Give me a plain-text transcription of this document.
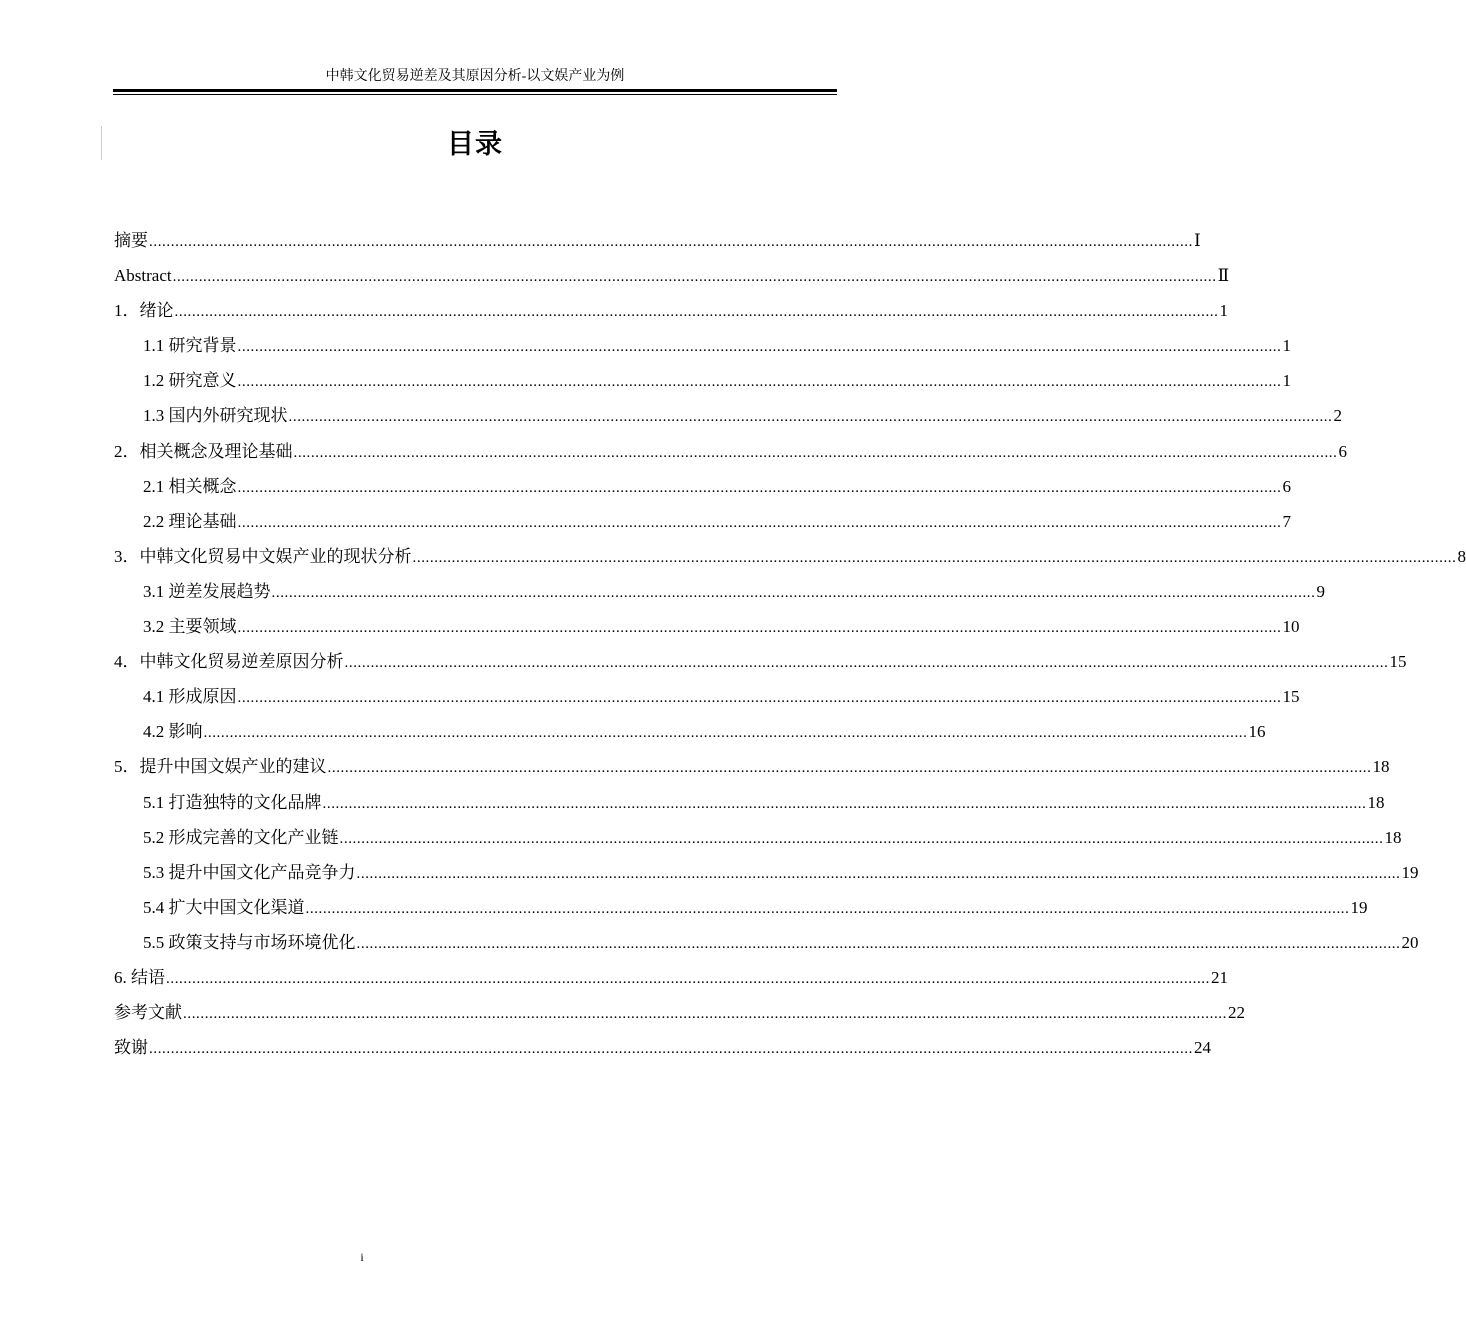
中韩文化贸易逆差及其原因分析-以文娱产业为例
目录
摘要 ................................................................................................................................................................................................................................................ Ⅰ
Abstract ................................................................................................................................................................................................................................................ Ⅱ
1．绪论 ................................................................................................................................................................................................................................................ 1
1.1 研究背景 ................................................................................................................................................................................................................................................ 1
1.2 研究意义 ................................................................................................................................................................................................................................................ 1
1.3 国内外研究现状 ................................................................................................................................................................................................................................................ 2
2．相关概念及理论基础 ................................................................................................................................................................................................................................................ 6
2.1 相关概念 ................................................................................................................................................................................................................................................ 6
2.2 理论基础 ................................................................................................................................................................................................................................................ 7
3．中韩文化贸易中文娱产业的现状分析 ................................................................................................................................................................................................................................................ 8
3.1 逆差发展趋势 ................................................................................................................................................................................................................................................ 9
3.2 主要领域 ................................................................................................................................................................................................................................................ 10
4．中韩文化贸易逆差原因分析 ................................................................................................................................................................................................................................................ 15
4.1 形成原因 ................................................................................................................................................................................................................................................ 15
4.2 影响 ................................................................................................................................................................................................................................................ 16
5．提升中国文娱产业的建议 ................................................................................................................................................................................................................................................ 18
5.1 打造独特的文化品牌 ................................................................................................................................................................................................................................................ 18
5.2 形成完善的文化产业链 ................................................................................................................................................................................................................................................ 18
5.3 提升中国文化产品竞争力 ................................................................................................................................................................................................................................................ 19
5.4 扩大中国文化渠道 ................................................................................................................................................................................................................................................ 19
5.5 政策支持与市场环境优化 ................................................................................................................................................................................................................................................ 20
6. 结语 ................................................................................................................................................................................................................................................ 21
参考文献 ................................................................................................................................................................................................................................................ 22
致谢 ................................................................................................................................................................................................................................................ 24
i
